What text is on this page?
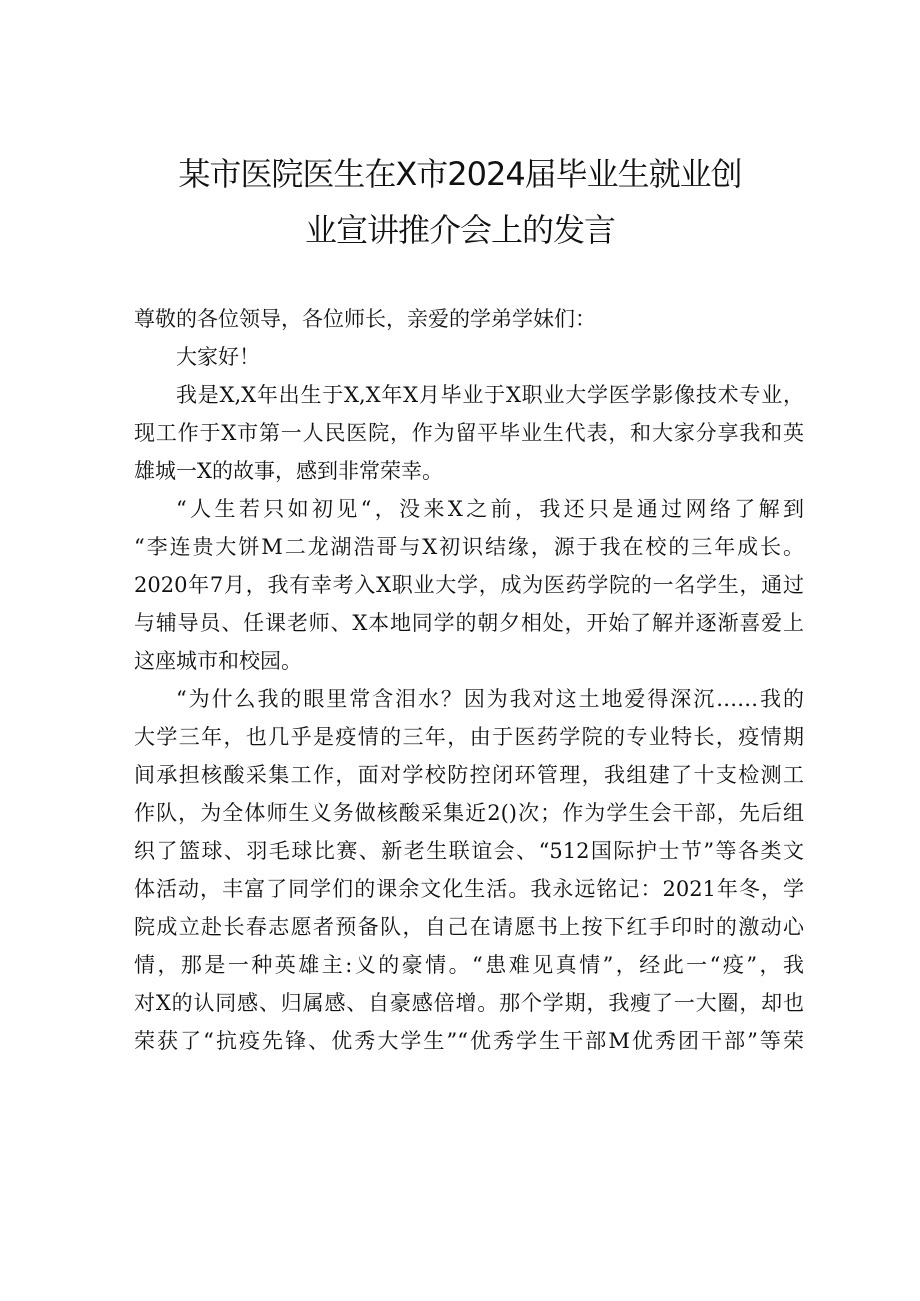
某市医院医生在X市2024届毕业生就业创
业宣讲推介会上的发言
尊敬的各位领导，各位师长，亲爱的学弟学妹们：
大家好！
我是X,X年出生于X,X年X月毕业于X职业大学医学影像技术专业，
现工作于X市第一人民医院，作为留平毕业生代表，和大家分享我和英
雄城一X的故事，感到非常荣幸。
“人生若只如初见“，没来X之前，我还只是通过网络了解到
“李连贵大饼M二龙湖浩哥与X初识结缘，源于我在校的三年成长。
2020年7月，我有幸考入X职业大学，成为医药学院的一名学生，通过
与辅导员、任课老师、X本地同学的朝夕相处，开始了解并逐渐喜爱上
这座城市和校园。
“为什么我的眼里常含泪水？因为我对这土地爱得深沉……我的
大学三年，也几乎是疫情的三年，由于医药学院的专业特长，疫情期
间承担核酸采集工作，面对学校防控闭环管理，我组建了十支检测工
作队，为全体师生义务做核酸采集近2()次；作为学生会干部，先后组
织了篮球、羽毛球比赛、新老生联谊会、“512国际护士节”等各类文
体活动，丰富了同学们的课余文化生活。我永远铭记：2021年冬，学
院成立赴长春志愿者预备队，自己在请愿书上按下红手印时的激动心
情，那是一种英雄主:义的豪情。“患难见真情”，经此一“疫”，我
对X的认同感、归属感、自豪感倍增。那个学期，我瘦了一大圈，却也
荣获了“抗疫先锋、优秀大学生”“优秀学生干部M优秀团干部”等荣
